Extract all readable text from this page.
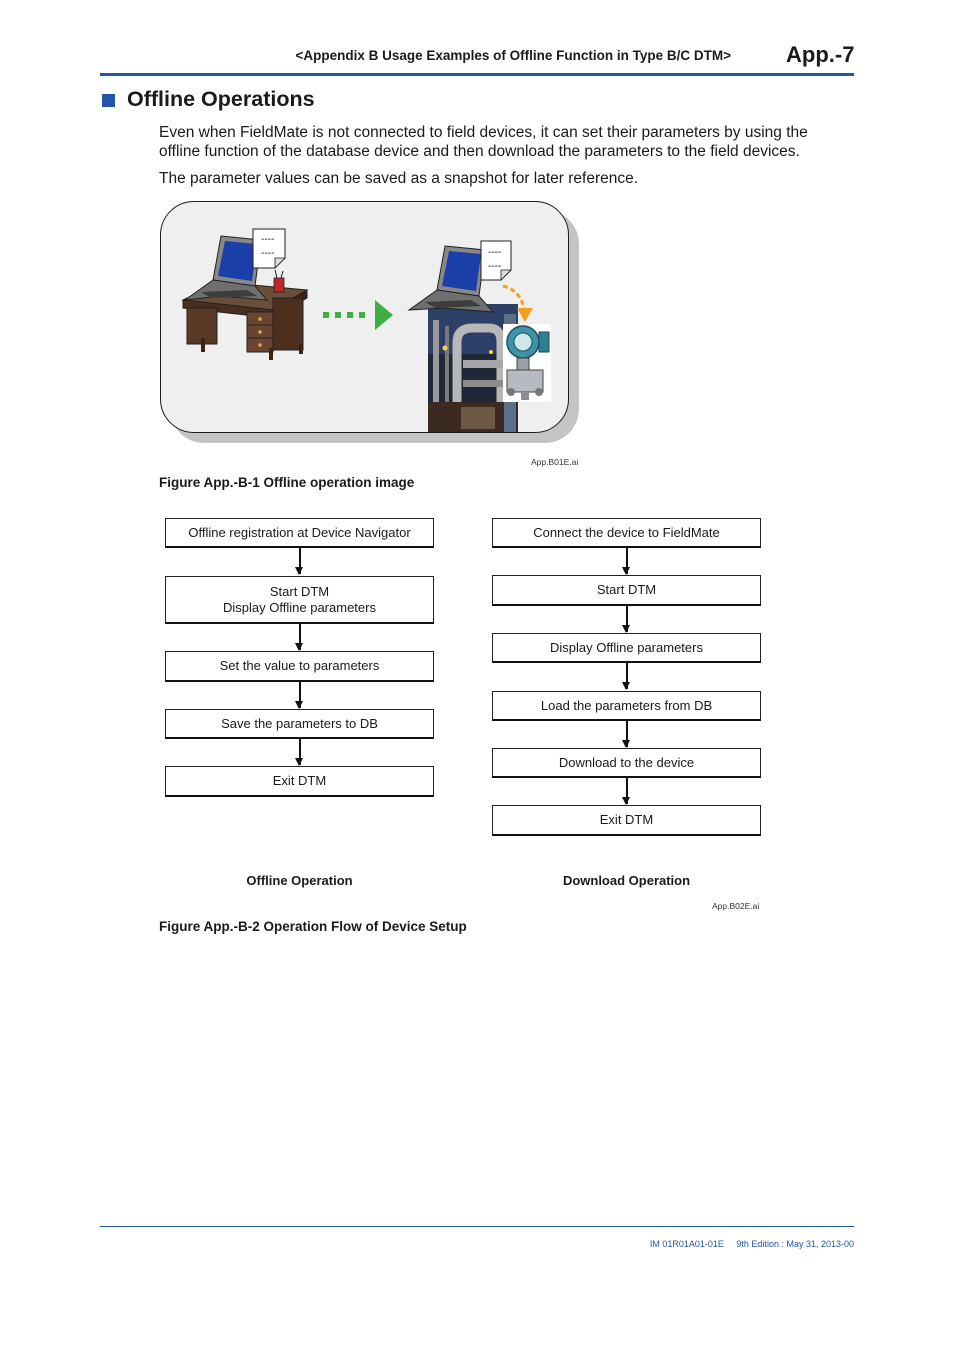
<Appendix B Usage Examples of Offline Function in Type B/C DTM>	App.-7
Offline Operations
Even when FieldMate is not connected to field devices, it can set their parameters by using the offline function of the database device and then download the parameters to the field devices.
The parameter values can be saved as a snapshot for later reference.
----
----	----
----
App.B01E.ai
Figure App.-B-1 Offline operation image
Offline registration at Device Navigator
Start DTM
Display Offline parameters
Set the value to parameters
Save the parameters to DB
Exit DTM
Connect the device to FieldMate
Start DTM
Display Offline parameters
Load the parameters from DB
Download to the device
Exit DTM
Offline Operation	Download Operation
App.B02E.ai
Figure App.-B-2 Operation Flow of Device Setup
IM 01R01A01-01E 9th Edition : May 31, 2013-00
